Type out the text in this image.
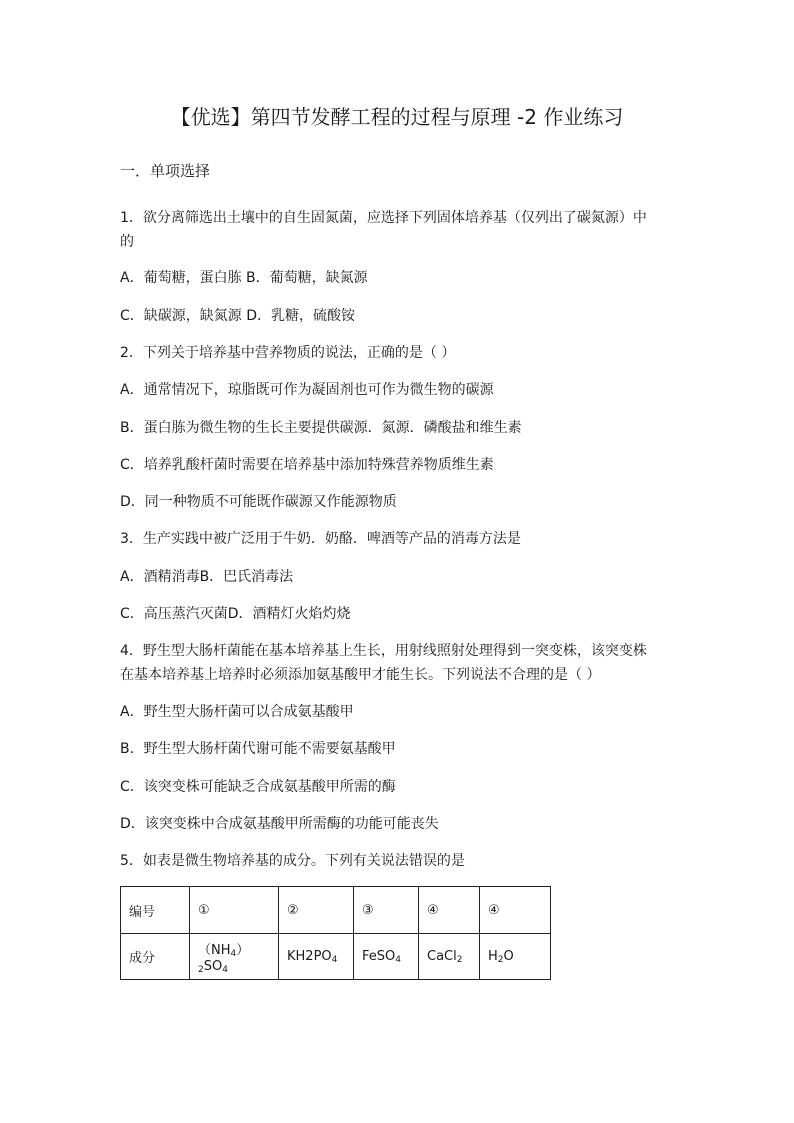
【优选】第四节发酵工程的过程与原理 -2 作业练习
一．单项选择
1．欲分离筛选出土壤中的自生固氮菌，应选择下列固体培养基（仅列出了碳氮源）中
的
A．葡萄糖，蛋白胨 B．葡萄糖，缺氮源
C．缺碳源，缺氮源 D．乳糖，硫酸铵
2．下列关于培养基中营养物质的说法，正确的是（ ）
A．通常情况下，琼脂既可作为凝固剂也可作为微生物的碳源
B．蛋白胨为微生物的生长主要提供碳源．氮源．磷酸盐和维生素
C．培养乳酸杆菌时需要在培养基中添加特殊营养物质维生素
D．同一种物质不可能既作碳源又作能源物质
3．生产实践中被广泛用于牛奶．奶酪．啤酒等产品的消毒方法是
A．酒精消毒B．巴氏消毒法
C．高压蒸汽灭菌D．酒精灯火焰灼烧
4．野生型大肠杆菌能在基本培养基上生长，用射线照射处理得到一突变株，该突变株
在基本培养基上培养时必须添加氨基酸甲才能生长。下列说法不合理的是（ ）
A．野生型大肠杆菌可以合成氨基酸甲
B．野生型大肠杆菌代谢可能不需要氨基酸甲
C．该突变株可能缺乏合成氨基酸甲所需的酶
D．该突变株中合成氨基酸甲所需酶的功能可能丧失
5．如表是微生物培养基的成分。下列有关说法错误的是
编号	①	②	③	④	④
成分	$(NH_4)_2SO_4$	$KH2PO_4$	FeSO$_4$	CaCl$_2$	$H_2O$
